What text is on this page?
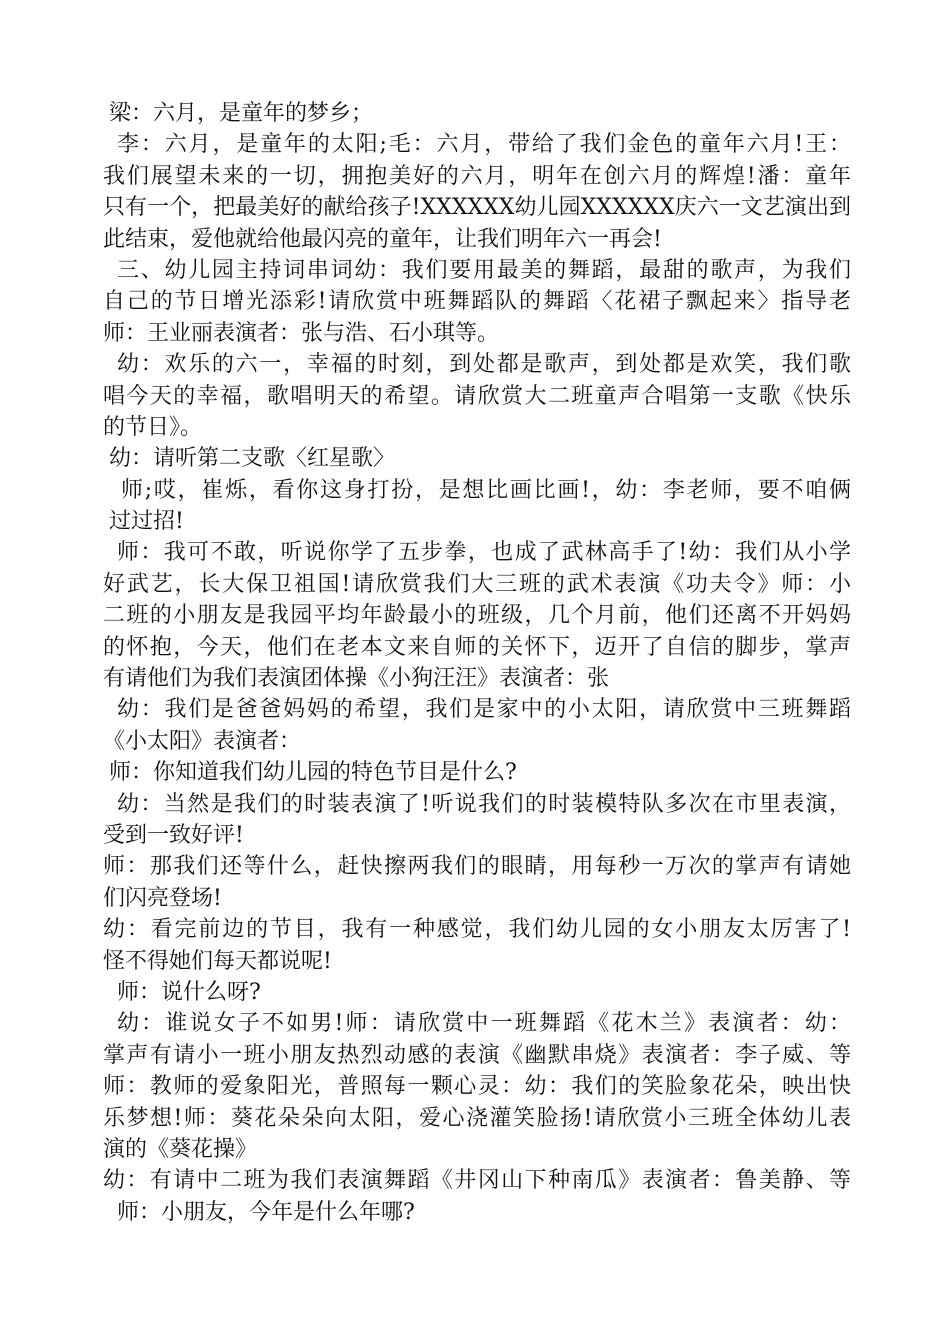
梁：六月，是童年的梦乡；
李：六月，是童年的太阳;毛：六月，带给了我们金色的童年六月!王：
我们展望未来的一切，拥抱美好的六月，明年在创六月的辉煌!潘：童年
只有一个，把最美好的献给孩子!XXXXXX幼儿园XXXXXX庆六一文艺演出到
此结束，爱他就给他最闪亮的童年，让我们明年六一再会!
三、幼儿园主持词串词幼：我们要用最美的舞蹈，最甜的歌声，为我们
自己的节日增光添彩!请欣赏中班舞蹈队的舞蹈〈花裙子飘起来〉指导老
师：王业丽表演者：张与浩、石小琪等。
幼：欢乐的六一，幸福的时刻，到处都是歌声，到处都是欢笑，我们歌
唱今天的幸福，歌唱明天的希望。请欣赏大二班童声合唱第一支歌《快乐
的节日》。
幼：请听第二支歌〈红星歌〉
师;哎，崔烁，看你这身打扮，是想比画比画!，幼：李老师，要不咱俩
过过招!
师：我可不敢，听说你学了五步拳，也成了武林高手了!幼：我们从小学
好武艺，长大保卫祖国!请欣赏我们大三班的武术表演《功夫令》师：小
二班的小朋友是我园平均年龄最小的班级，几个月前，他们还离不开妈妈
的怀抱，今天，他们在老本文来自师的关怀下，迈开了自信的脚步，掌声
有请他们为我们表演团体操《小狗汪汪》表演者：张
幼：我们是爸爸妈妈的希望，我们是家中的小太阳，请欣赏中三班舞蹈
《小太阳》表演者：
师：你知道我们幼儿园的特色节目是什么?
幼：当然是我们的时装表演了!听说我们的时装模特队多次在市里表演，
受到一致好评!
师：那我们还等什么，赶快擦两我们的眼睛，用每秒一万次的掌声有请她
们闪亮登场!
幼：看完前边的节目，我有一种感觉，我们幼儿园的女小朋友太厉害了!
怪不得她们每天都说呢!
师：说什么呀?
幼：谁说女子不如男!师：请欣赏中一班舞蹈《花木兰》表演者：幼：
掌声有请小一班小朋友热烈动感的表演《幽默串烧》表演者：李子威、等
师：教师的爱象阳光，普照每一颗心灵：幼：我们的笑脸象花朵，映出快
乐梦想!师：葵花朵朵向太阳，爱心浇灌笑脸扬!请欣赏小三班全体幼儿表
演的《葵花操》
幼：有请中二班为我们表演舞蹈《井冈山下种南瓜》表演者：鲁美静、等
师：小朋友，今年是什么年哪?
